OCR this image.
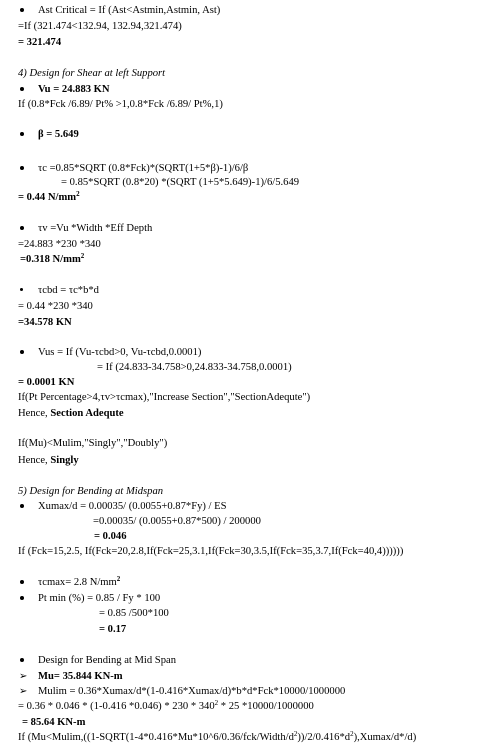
Ast Critical = If (Ast<Astmin,Astmin, Ast)
=If (321.474<132.94, 132.94,321.474)
= 321.474
4) Design for Shear at left Support
Vu = 24.883 KN
If (0.8*Fck /6.89/ Pt% >1,0.8*Fck /6.89/ Pt%,1)
β = 5.649
τc =0.85*SQRT (0.8*Fck)*(SQRT(1+5*β)-1)/6/β
= 0.85*SQRT (0.8*20) *(SQRT (1+5*5.649)-1)/6/5.649
= 0.44 $N/mm^2$
τv =Vu *Width *Eff Depth
=24.883 *230 *340
=0.318 $N/mm^2$
τcbd = τc*b*d
= 0.44 *230 *340
=34.578 KN
Vus = If (Vu-τcbd>0, Vu-τcbd,0.0001)
= If (24.833-34.758>0,24.833-34.758,0.0001)
= 0.0001 KN
If(Pt Percentage>4,τv>τcmax),"Increase Section","SectionAdequte")
Hence, Section Adequte
If(Mu)<Mulim,"Singly","Doubly")
Hence, Singly
5) Design for Bending at Midspan
Xumax/d = 0.00035/ (0.0055+0.87*Fy) / ES
=0.00035/ (0.0055+0.87*500) / 200000
= 0.046
If (Fck=15,2.5, If(Fck=20,2.8,If(Fck=25,3.1,If(Fck=30,3.5,If(Fck=35,3.7,If(Fck=40,4))))))
τcmax= 2.8 $N/mm^2$
Pt min (%) = 0.85 / Fy * 100
= 0.85 /500*100
= 0.17
Design for Bending at Mid Span
➢
Mu= 35.844 KN-m
➢
Mulim = 0.36*Xumax/d*(1-0.416*Xumax/d)*b*d*Fck*10000/1000000
= 0.36 * 0.046 * (1-0.416 $*0.046) * 230 * 340^2 * 25$ *10000/1000000
= 85.64 KN-m
If $(Mu<Mulim,((1-SQRT(1-4*0.416*Mu*10\^{}6/0.36/fck/Width/d^2))/2/0.416*d^2),Xumax/d*/d)$
